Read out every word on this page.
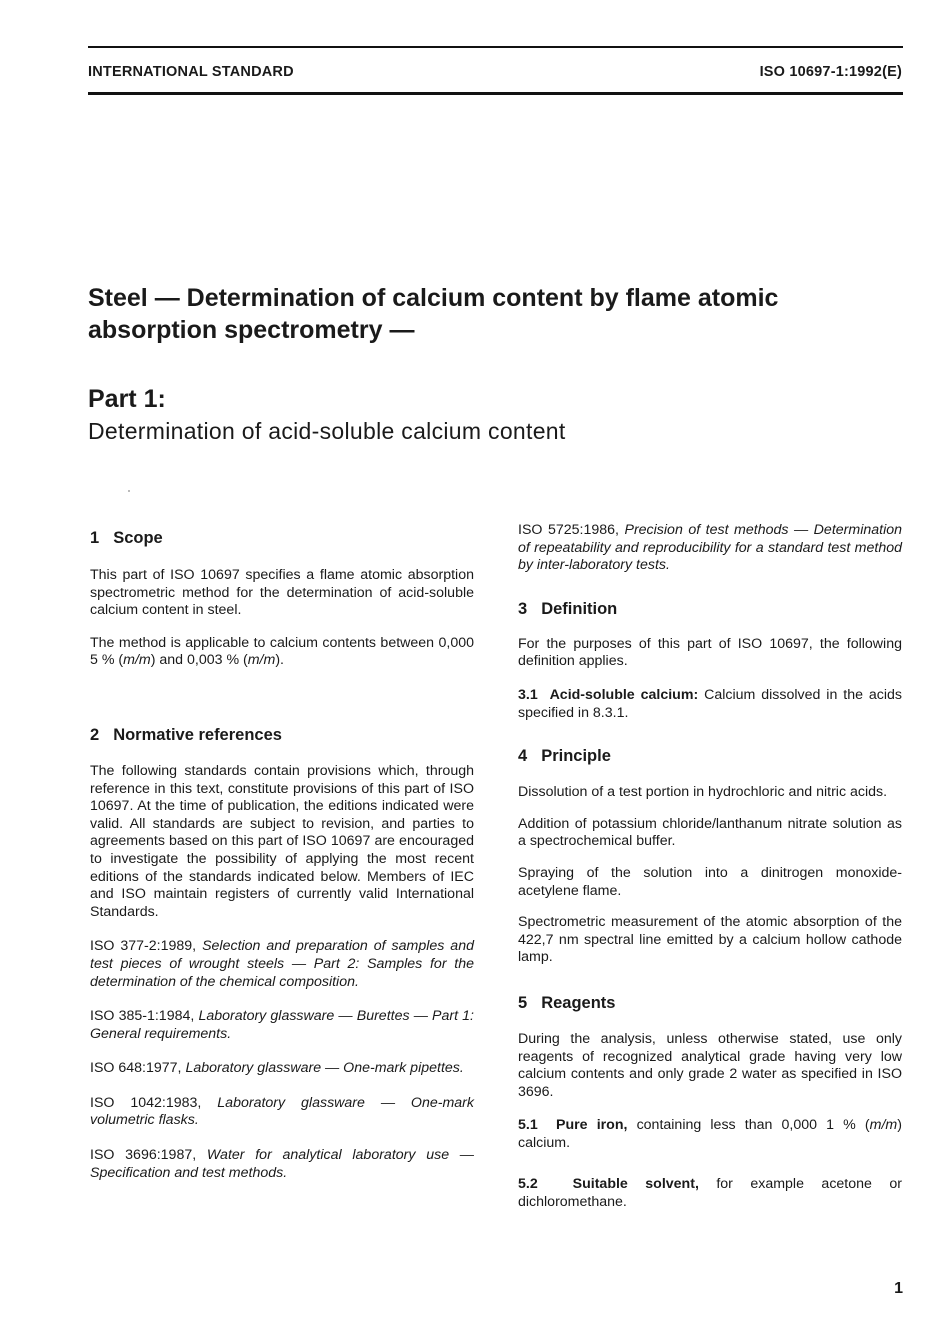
INTERNATIONAL STANDARD	ISO 10697-1:1992(E)
Steel — Determination of calcium content by flame atomic
absorption spectrometry —
Part 1:
Determination of acid-soluble calcium content
1 Scope

This part of ISO 10697 specifies a flame atomic absorption spectrometric method for the determination of acid-soluble calcium content in steel.

The method is applicable to calcium contents between 0,000 5 % (m/m) and 0,003 % (m/m).

2 Normative references

The following standards contain provisions which, through reference in this text, constitute provisions of this part of ISO 10697. At the time of publication, the editions indicated were valid. All standards are subject to revision, and parties to agreements based on this part of ISO 10697 are encouraged to investigate the possibility of applying the most recent editions of the standards indicated below. Members of IEC and ISO maintain registers of currently valid International Standards.

ISO 377-2:1989, Selection and preparation of samples and test pieces of wrought steels — Part 2: Samples for the determination of the chemical composition.

ISO 385-1:1984, Laboratory glassware — Burettes — Part 1: General requirements.

ISO 648:1977, Laboratory glassware — One-mark pipettes.

ISO 1042:1983, Laboratory glassware — One-mark volumetric flasks.

ISO 3696:1987, Water for analytical laboratory use — Specification and test methods.

ISO 5725:1986, Precision of test methods — Determination of repeatability and reproducibility for a standard test method by inter-laboratory tests.

3 Definition

For the purposes of this part of ISO 10697, the following definition applies.

3.1 Acid-soluble calcium: Calcium dissolved in the acids specified in 8.3.1.

4 Principle

Dissolution of a test portion in hydrochloric and nitric acids.

Addition of potassium chloride/lanthanum nitrate solution as a spectrochemical buffer.

Spraying of the solution into a dinitrogen monoxide-acetylene flame.

Spectrometric measurement of the atomic absorption of the 422,7 nm spectral line emitted by a calcium hollow cathode lamp.

5 Reagents

During the analysis, unless otherwise stated, use only reagents of recognized analytical grade having very low calcium contents and only grade 2 water as specified in ISO 3696.

5.1 Pure iron, containing less than 0,000 1 % (m/m) calcium.

5.2 Suitable solvent, for example acetone or dichloromethane.

1
